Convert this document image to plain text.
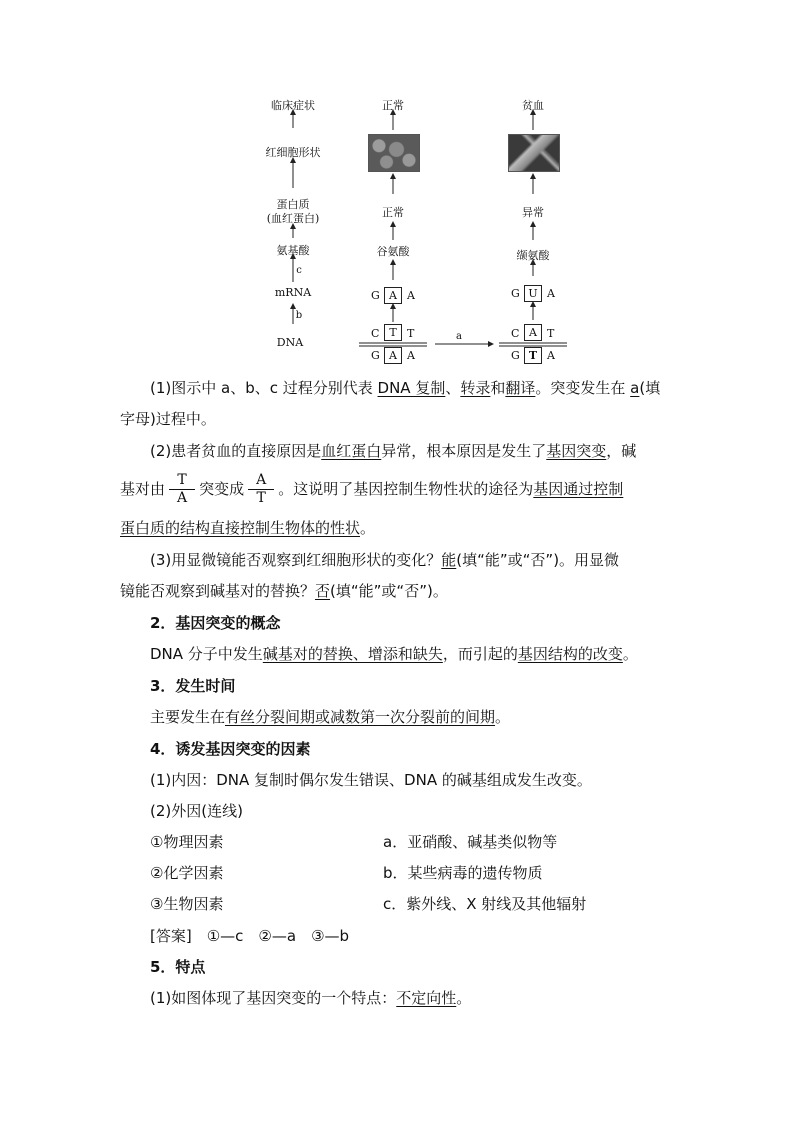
临床症状
红细胞形状
蛋白质
(血红蛋白)
氨基酸
mRNA
DNA
c
b
正常
正常
谷氨酸
G A A
C T T
G A A
a
贫血
异常
缬氨酸
G U A
C A T
G T A
(1)图示中 a、b、c 过程分别代表 DNA 复制、转录和翻译。突变发生在 a(填
字母)过程中。
(2)患者贫血的直接原因是血红蛋白异常，根本原因是发生了基因突变，碱
基对由 $\frac{T}{A}$ 突变成 $\frac{A}{T}$ 。这说明了基因控制生物性状的途径为基因通过控制
蛋白质的结构直接控制生物体的性状。
(3)用显微镜能否观察到红细胞形状的变化？能(填“能”或“否”)。用显微
镜能否观察到碱基对的替换？否(填“能”或“否”)。
2．基因突变的概念
DNA 分子中发生碱基对的替换、增添和缺失，而引起的基因结构的改变。
3．发生时间
主要发生在有丝分裂间期或减数第一次分裂前的间期。
4．诱发基因突变的因素
(1)内因：DNA 复制时偶尔发生错误、DNA 的碱基组成发生改变。
(2)外因(连线)
①物理因素	a．亚硝酸、碱基类似物等
②化学因素	b．某些病毒的遗传物质
③生物因素	c．紫外线、X 射线及其他辐射
[答案]　 ①—c　②—a　③—b
5．特点
(1)如图体现了基因突变的一个特点：不定向性。
